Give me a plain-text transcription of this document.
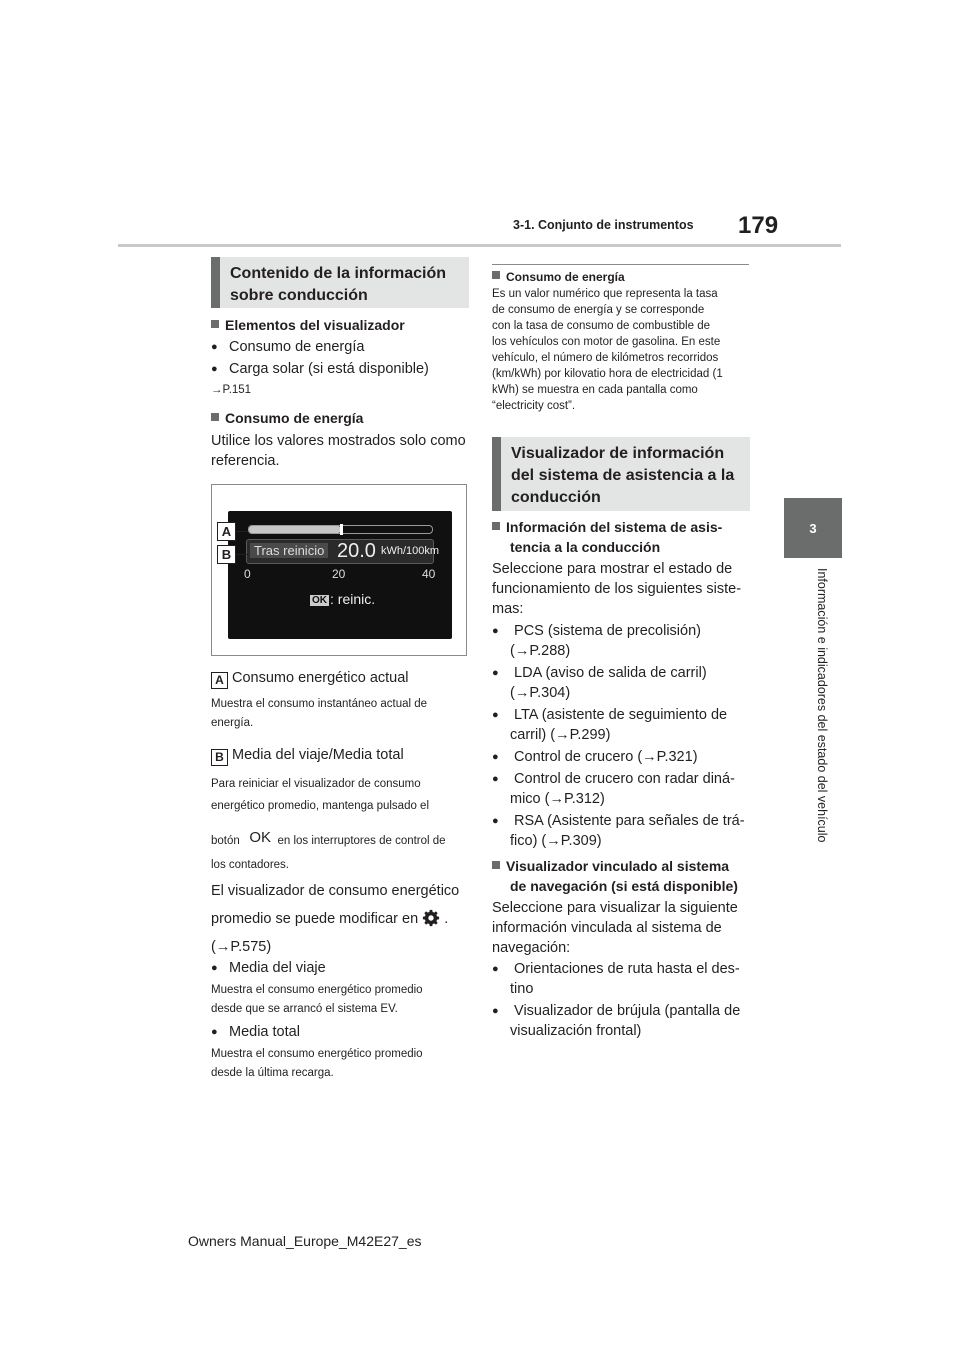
3-1. Conjunto de instrumentos 179
3
Información e indicadores del estado del vehículo
Contenido de la información
sobre conducción
Elementos del visualizador
● Consumo de energía
● Carga solar (si está disponible)
→P.151
Consumo de energía
Utilice los valores mostrados solo como
referencia.
Tras reinicio 20.0 kWh/100km
0	20	40
OK : reinic.
A
B
A Consumo energético actual
Muestra el consumo instantáneo actual de
energía.
B Media del viaje/Media total
Para reiniciar el visualizador de consumo
energético promedio, mantenga pulsado el
botón OK en los interruptores de control de
los contadores.
El visualizador de consumo energético
promedio se puede modificar en .
(→P.575)
● Media del viaje
Muestra el consumo energético promedio
desde que se arrancó el sistema EV.
● Media total
Muestra el consumo energético promedio
desde la última recarga.
Consumo de energía
Es un valor numérico que representa la tasa
de consumo de energía y se corresponde
con la tasa de consumo de combustible de
los vehículos con motor de gasolina. En este
vehículo, el número de kilómetros recorridos
(km/kWh) por kilovatio hora de electricidad (1
kWh) se muestra en cada pantalla como
“electricity cost”.
Visualizador de información
del sistema de asistencia a la
conducción
Información del sistema de asis-
tencia a la conducción
Seleccione para mostrar el estado de
funcionamiento de los siguientes siste-
mas:
● PCS (sistema de precolisión)
(→P.288)
● LDA (aviso de salida de carril)
(→P.304)
● LTA (asistente de seguimiento de
carril) (→P.299)
● Control de crucero (→P.321)
● Control de crucero con radar diná-
mico (→P.312)
● RSA (Asistente para señales de trá-
fico) (→P.309)
Visualizador vinculado al sistema
de navegación (si está disponible)
Seleccione para visualizar la siguiente
información vinculada al sistema de
navegación:
● Orientaciones de ruta hasta el des-
tino
● Visualizador de brújula (pantalla de
visualización frontal)
Owners Manual_Europe_M42E27_es
